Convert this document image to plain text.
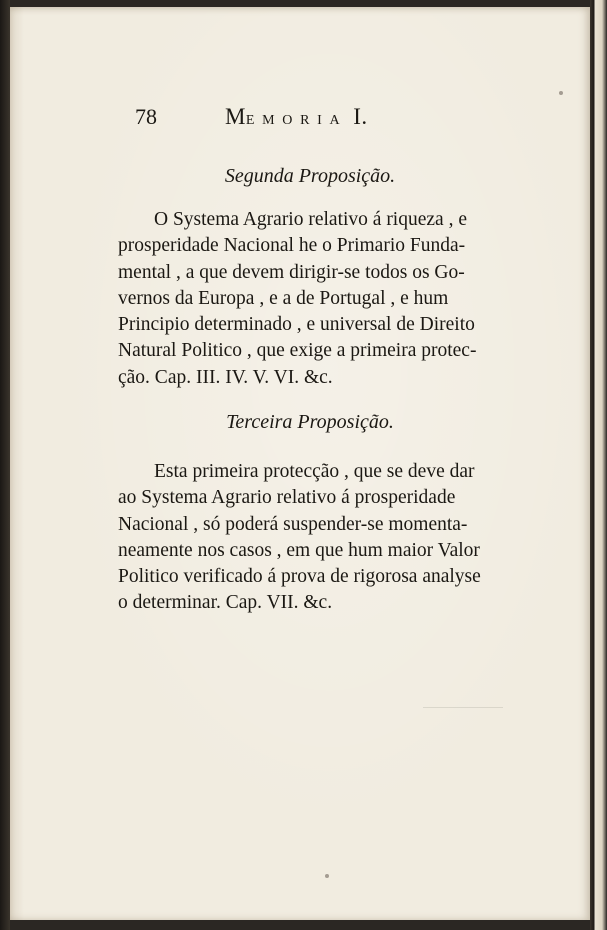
78	MEMORIA I.
Segunda Proposição.
O Systema Agrario relativo á riqueza , e
prosperidade Nacional he o Primario Funda-
mental , a que devem dirigir-se todos os Go-
vernos da Europa , e a de Portugal , e hum
Principio determinado , e universal de Direito
Natural Politico , que exige a primeira protec-
ção. Cap. III. IV. V. VI. &c.
Terceira Proposição.
Esta primeira protecção , que se deve dar
ao Systema Agrario relativo á prosperidade
Nacional , só poderá suspender-se momenta-
neamente nos casos , em que hum maior Valor
Politico verificado á prova de rigorosa analyse
o determinar. Cap. VII. &c.
